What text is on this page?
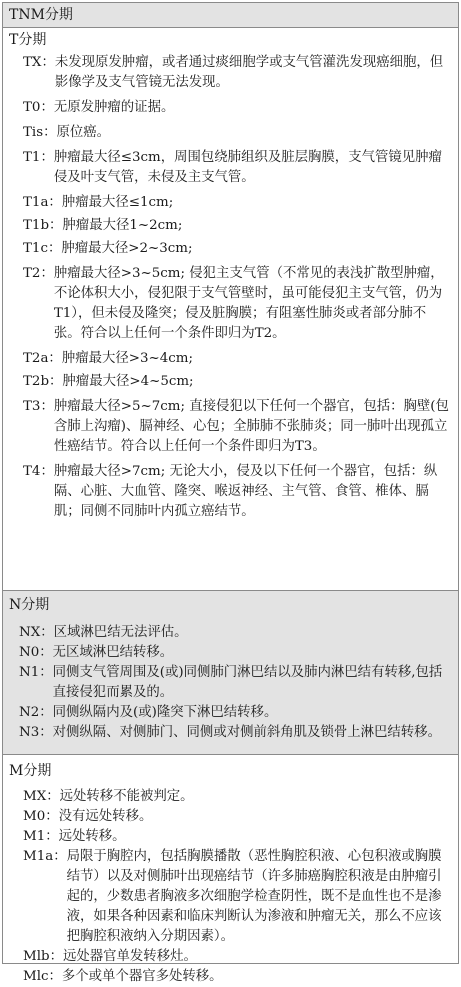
TNM分期
T分期
TX： 未发现原发肿瘤，或者通过痰细胞学或支气管灌洗发现癌细胞，但影像学及支气管镜无法发现。
T0： 无原发肿瘤的证据。
Tis： 原位癌。
T1： 肿瘤最大径≤3cm，周围包绕肺组织及脏层胸膜，支气管镜见肿瘤侵及叶支气管，未侵及主支气管。
T1a： 肿瘤最大径≤1cm;
T1b： 肿瘤最大径1~2cm;
T1c： 肿瘤最大径>2~3cm;
T2： 肿瘤最大径>3~5cm; 侵犯主支气管（不常见的表浅扩散型肿瘤，不论体积大小，侵犯限于支气管壁时，虽可能侵犯主支气管，仍为T1），但未侵及隆突；侵及脏胸膜；有阻塞性肺炎或者部分肺不张。符合以上任何一个条件即归为T2。
T2a： 肿瘤最大径>3~4cm;
T2b： 肿瘤最大径>4~5cm;
T3： 肿瘤最大径>5~7cm; 直接侵犯以下任何一个器官，包括：胸壁(包含肺上沟瘤)、膈神经、心包；全肺肺不张肺炎；同一肺叶出现孤立性癌结节。符合以上任何一个条件即归为T3。
T4： 肿瘤最大径>7cm; 无论大小，侵及以下任何一个器官，包括：纵隔、心脏、大血管、隆突、喉返神经、主气管、食管、椎体、膈肌；同侧不同肺叶内孤立癌结节。
N分期
NX： 区域淋巴结无法评估。
N0： 无区域淋巴结转移。
N1： 同侧支气管周围及(或)同侧肺门淋巴结以及肺内淋巴结有转移,包括直接侵犯而累及的。
N2： 同侧纵隔内及(或)隆突下淋巴结转移。
N3： 对侧纵隔、对侧肺门、同侧或对侧前斜角肌及锁骨上淋巴结转移。
M分期
MX： 远处转移不能被判定。
M0： 没有远处转移。
M1： 远处转移。
M1a： 局限于胸腔内，包括胸膜播散（恶性胸腔积液、心包积液或胸膜结节）以及对侧肺叶出现癌结节（许多肺癌胸腔积液是由肿瘤引起的，少数患者胸液多次细胞学检查阴性，既不是血性也不是渗液，如果各种因素和临床判断认为渗液和肿瘤无关，那么不应该把胸腔积液纳入分期因素）。
Mlb： 远处器官单发转移灶。
Mlc： 多个或单个器官多处转移。
